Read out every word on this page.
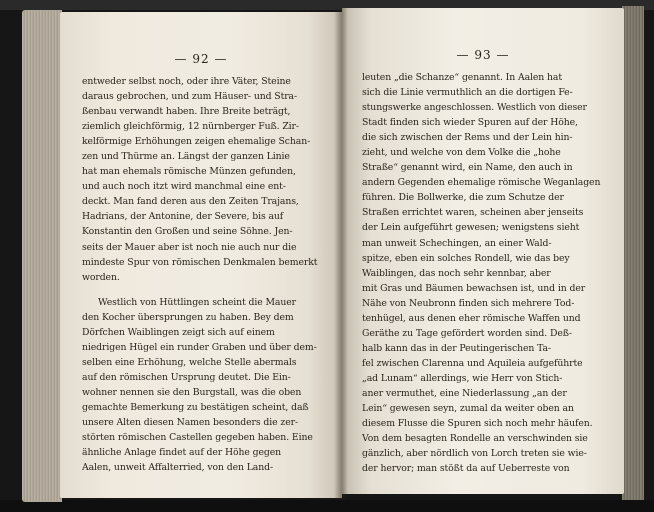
— 92 —
entweder selbst noch, oder ihre Väter, Steine
daraus gebrochen, und zum Häuser- und Stra-
ßenbau verwandt haben. Ihre Breite beträgt,
ziemlich gleichförmig, 12 nürnberger Fuß. Zir-
kelförmige Erhöhungen zeigen ehemalige Schan-
zen und Thürme an. Längst der ganzen Linie
hat man ehemals römische Münzen gefunden,
und auch noch itzt wird manchmal eine ent-
deckt. Man fand deren aus den Zeiten Trajans,
Hadrians, der Antonine, der Severe, bis auf
Konstantin den Großen und seine Söhne. Jen-
seits der Mauer aber ist noch nie auch nur die
mindeste Spur von römischen Denkmalen bemerkt
worden.
Westlich von Hüttlingen scheint die Mauer
den Kocher übersprungen zu haben. Bey dem
Dörfchen Waiblingen zeigt sich auf einem
niedrigen Hügel ein runder Graben und über dem-
selben eine Erhöhung, welche Stelle abermals
auf den römischen Ursprung deutet. Die Ein-
wohner nennen sie den Burgstall, was die oben
gemachte Bemerkung zu bestätigen scheint, daß
unsere Alten diesen Namen besonders die zer-
störten römischen Castellen gegeben haben. Eine
ähnliche Anlage findet auf der Höhe gegen
Aalen, unweit Affalterried, von den Land-
— 93 —
leuten „die Schanze“ genannt. In Aalen hat
sich die Linie vermuthlich an die dortigen Fe-
stungswerke angeschlossen. Westlich von dieser
Stadt finden sich wieder Spuren auf der Höhe,
die sich zwischen der Rems und der Lein hin-
zieht, und welche von dem Volke die „hohe
Straße“ genannt wird, ein Name, den auch in
andern Gegenden ehemalige römische Weganlagen
führen. Die Bollwerke, die zum Schutze der
Straßen errichtet waren, scheinen aber jenseits
der Lein aufgeführt gewesen; wenigstens sieht
man unweit Schechingen, an einer Wald-
spitze, eben ein solches Rondell, wie das bey
Waiblingen, das noch sehr kennbar, aber
mit Gras und Bäumen bewachsen ist, und in der
Nähe von Neubronn finden sich mehrere Tod-
tenhügel, aus denen eher römische Waffen und
Geräthe zu Tage gefördert worden sind. Deß-
halb kann das in der Peutingerischen Ta-
fel zwischen Clarenna und Aquileia aufgeführte
„ad Lunam“ allerdings, wie Herr von Stich-
aner vermuthet, eine Niederlassung „an der
Lein“ gewesen seyn, zumal da weiter oben an
diesem Flusse die Spuren sich noch mehr häufen.
Von dem besagten Rondelle an verschwinden sie
gänzlich, aber nördlich von Lorch treten sie wie-
der hervor; man stößt da auf Ueberreste von
